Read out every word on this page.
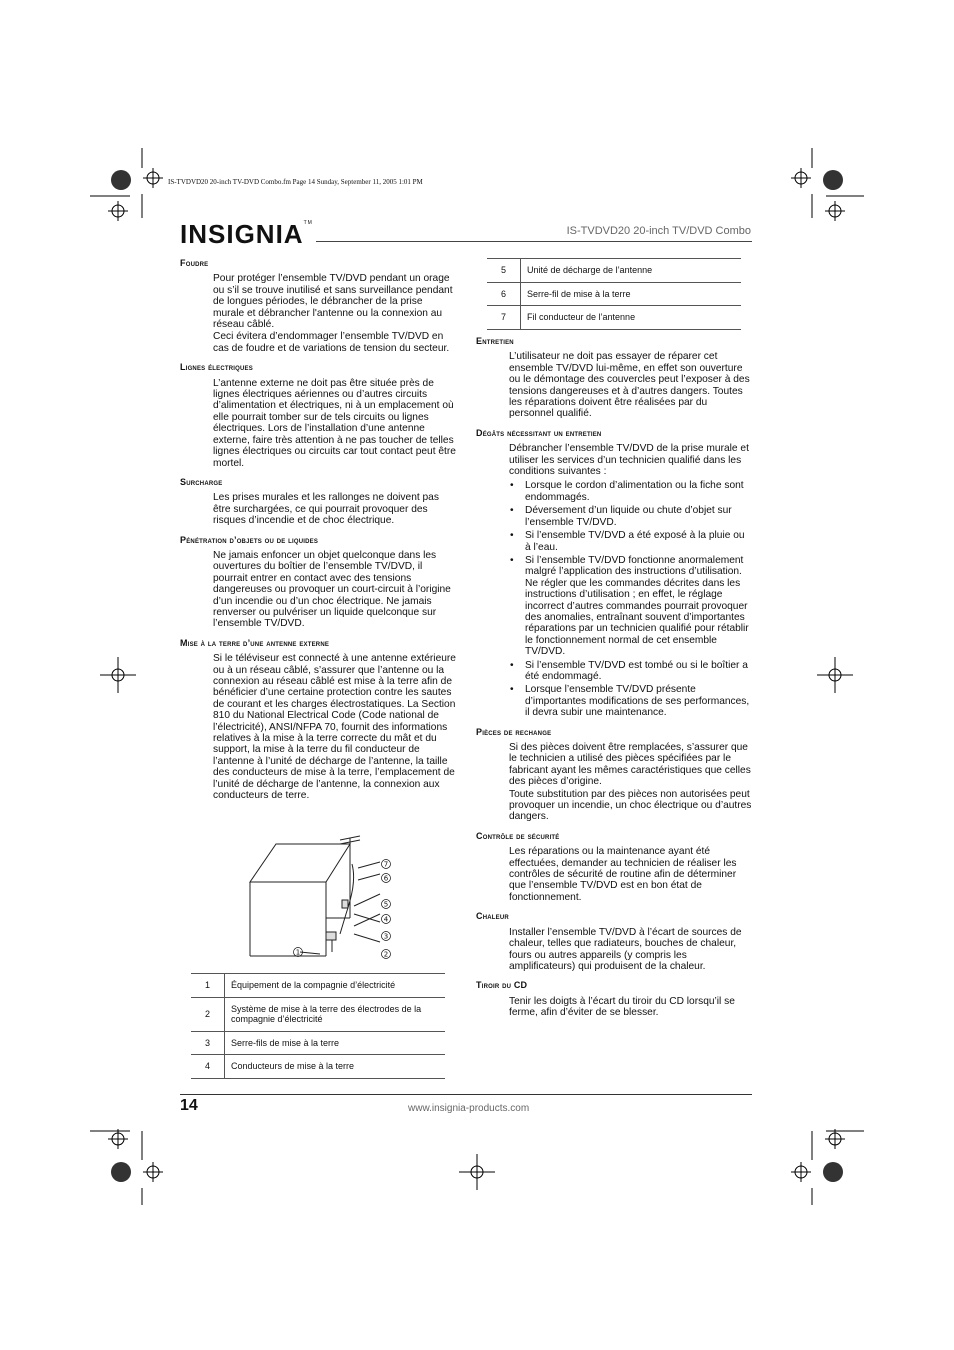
IS-TVDVD20 20-inch TV-DVD Combo.fm Page 14 Sunday, September 11, 2005 1:01 PM
INSIGNIA™
IS-TVDVD20 20-inch TV/DVD Combo
Foudre
Pour protéger l’ensemble TV/DVD pendant un orage ou s’il se trouve inutilisé et sans surveillance pendant de longues périodes, le débrancher de la prise murale et débrancher l'antenne ou la connexion au réseau câblé.
Ceci évitera d’endommager l’ensemble TV/DVD en cas de foudre et de variations de tension du secteur.
Lignes électriques
L’antenne externe ne doit pas être située près de lignes électriques aériennes ou d’autres circuits d’alimentation et électriques, ni à un emplacement où elle pourrait tomber sur de tels circuits ou lignes électriques. Lors de l’installation d’une antenne externe, faire très attention à ne pas toucher de telles lignes électriques ou circuits car tout contact peut être mortel.
Surcharge
Les prises murales et les rallonges ne doivent pas être surchargées, ce qui pourrait provoquer des risques d’incendie et de choc électrique.
Pénétration d’objets ou de liquides
Ne jamais enfoncer un objet quelconque dans les ouvertures du boîtier de l’ensemble TV/DVD, il pourrait entrer en contact avec des tensions dangereuses ou provoquer un court-circuit à l’origine d’un incendie ou d’un choc électrique. Ne jamais renverser ou pulvériser un liquide quelconque sur l’ensemble TV/DVD.
Mise à la terre d’une antenne externe
Si le téléviseur est connecté à une antenne extérieure ou à un réseau câblé, s’assurer que l’antenne ou la connexion au réseau câblé est mise à la terre afin de bénéficier d’une certaine protection contre les sautes de courant et les charges électrostatiques. La Section 810 du National Electrical Code (Code national de l’électricité), ANSI/NFPA 70, fournit des informations relatives à la mise à la terre correcte du mât et du support, la mise à la terre du fil conducteur de l’antenne à l’unité de décharge de l’antenne, la taille des conducteurs de mise à la terre, l’emplacement de l’unité de décharge de l’antenne, la connexion aux conducteurs de terre.
7
6
5
4
3
2
1
1	Équipement de la compagnie d’électricité
2	Système de mise à la terre des électrodes de la compagnie d’électricité
3	Serre-fils de mise à la terre
4	Conducteurs de mise à la terre
5	Unité de décharge de l’antenne
6	Serre-fil de mise à la terre
7	Fil conducteur de l’antenne
Entretien
L’utilisateur ne doit pas essayer de réparer cet ensemble TV/DVD lui-même, en effet son ouverture ou le démontage des couvercles peut l’exposer à des tensions dangereuses et à d’autres dangers. Toutes les réparations doivent être réalisées par du personnel qualifié.
Dégâts nécessitant un entretien
Débrancher l’ensemble TV/DVD de la prise murale et utiliser les services d’un technicien qualifié dans les conditions suivantes :
• Lorsque le cordon d’alimentation ou la fiche sont endommagés.
• Déversement d’un liquide ou chute d’objet sur l’ensemble TV/DVD.
• Si l’ensemble TV/DVD a été exposé à la pluie ou à l’eau.
• Si l’ensemble TV/DVD fonctionne anormalement malgré l’application des instructions d’utilisation. Ne régler que les commandes décrites dans les instructions d’utilisation ; en effet, le réglage incorrect d’autres commandes pourrait provoquer des anomalies, entraînant souvent d’importantes réparations par un technicien qualifié pour rétablir le fonctionnement normal de cet ensemble TV/DVD.
• Si l’ensemble TV/DVD est tombé ou si le boîtier a été endommagé.
• Lorsque l’ensemble TV/DVD présente d’importantes modifications de ses performances, il devra subir une maintenance.
Pièces de rechange
Si des pièces doivent être remplacées, s’assurer que le technicien a utilisé des pièces spécifiées par le fabricant ayant les mêmes caractéristiques que celles des pièces d’origine.
Toute substitution par des pièces non autorisées peut provoquer un incendie, un choc électrique ou d’autres dangers.
Contrôle de sécurité
Les réparations ou la maintenance ayant été effectuées, demander au technicien de réaliser les contrôles de sécurité de routine afin de déterminer que l’ensemble TV/DVD est en bon état de fonctionnement.
Chaleur
Installer l’ensemble TV/DVD à l’écart de sources de chaleur, telles que radiateurs, bouches de chaleur, fours ou autres appareils (y compris les amplificateurs) qui produisent de la chaleur.
Tiroir du CD
Tenir les doigts à l’écart du tiroir du CD lorsqu’il se ferme, afin d’éviter de se blesser.
14	www.insignia-products.com
